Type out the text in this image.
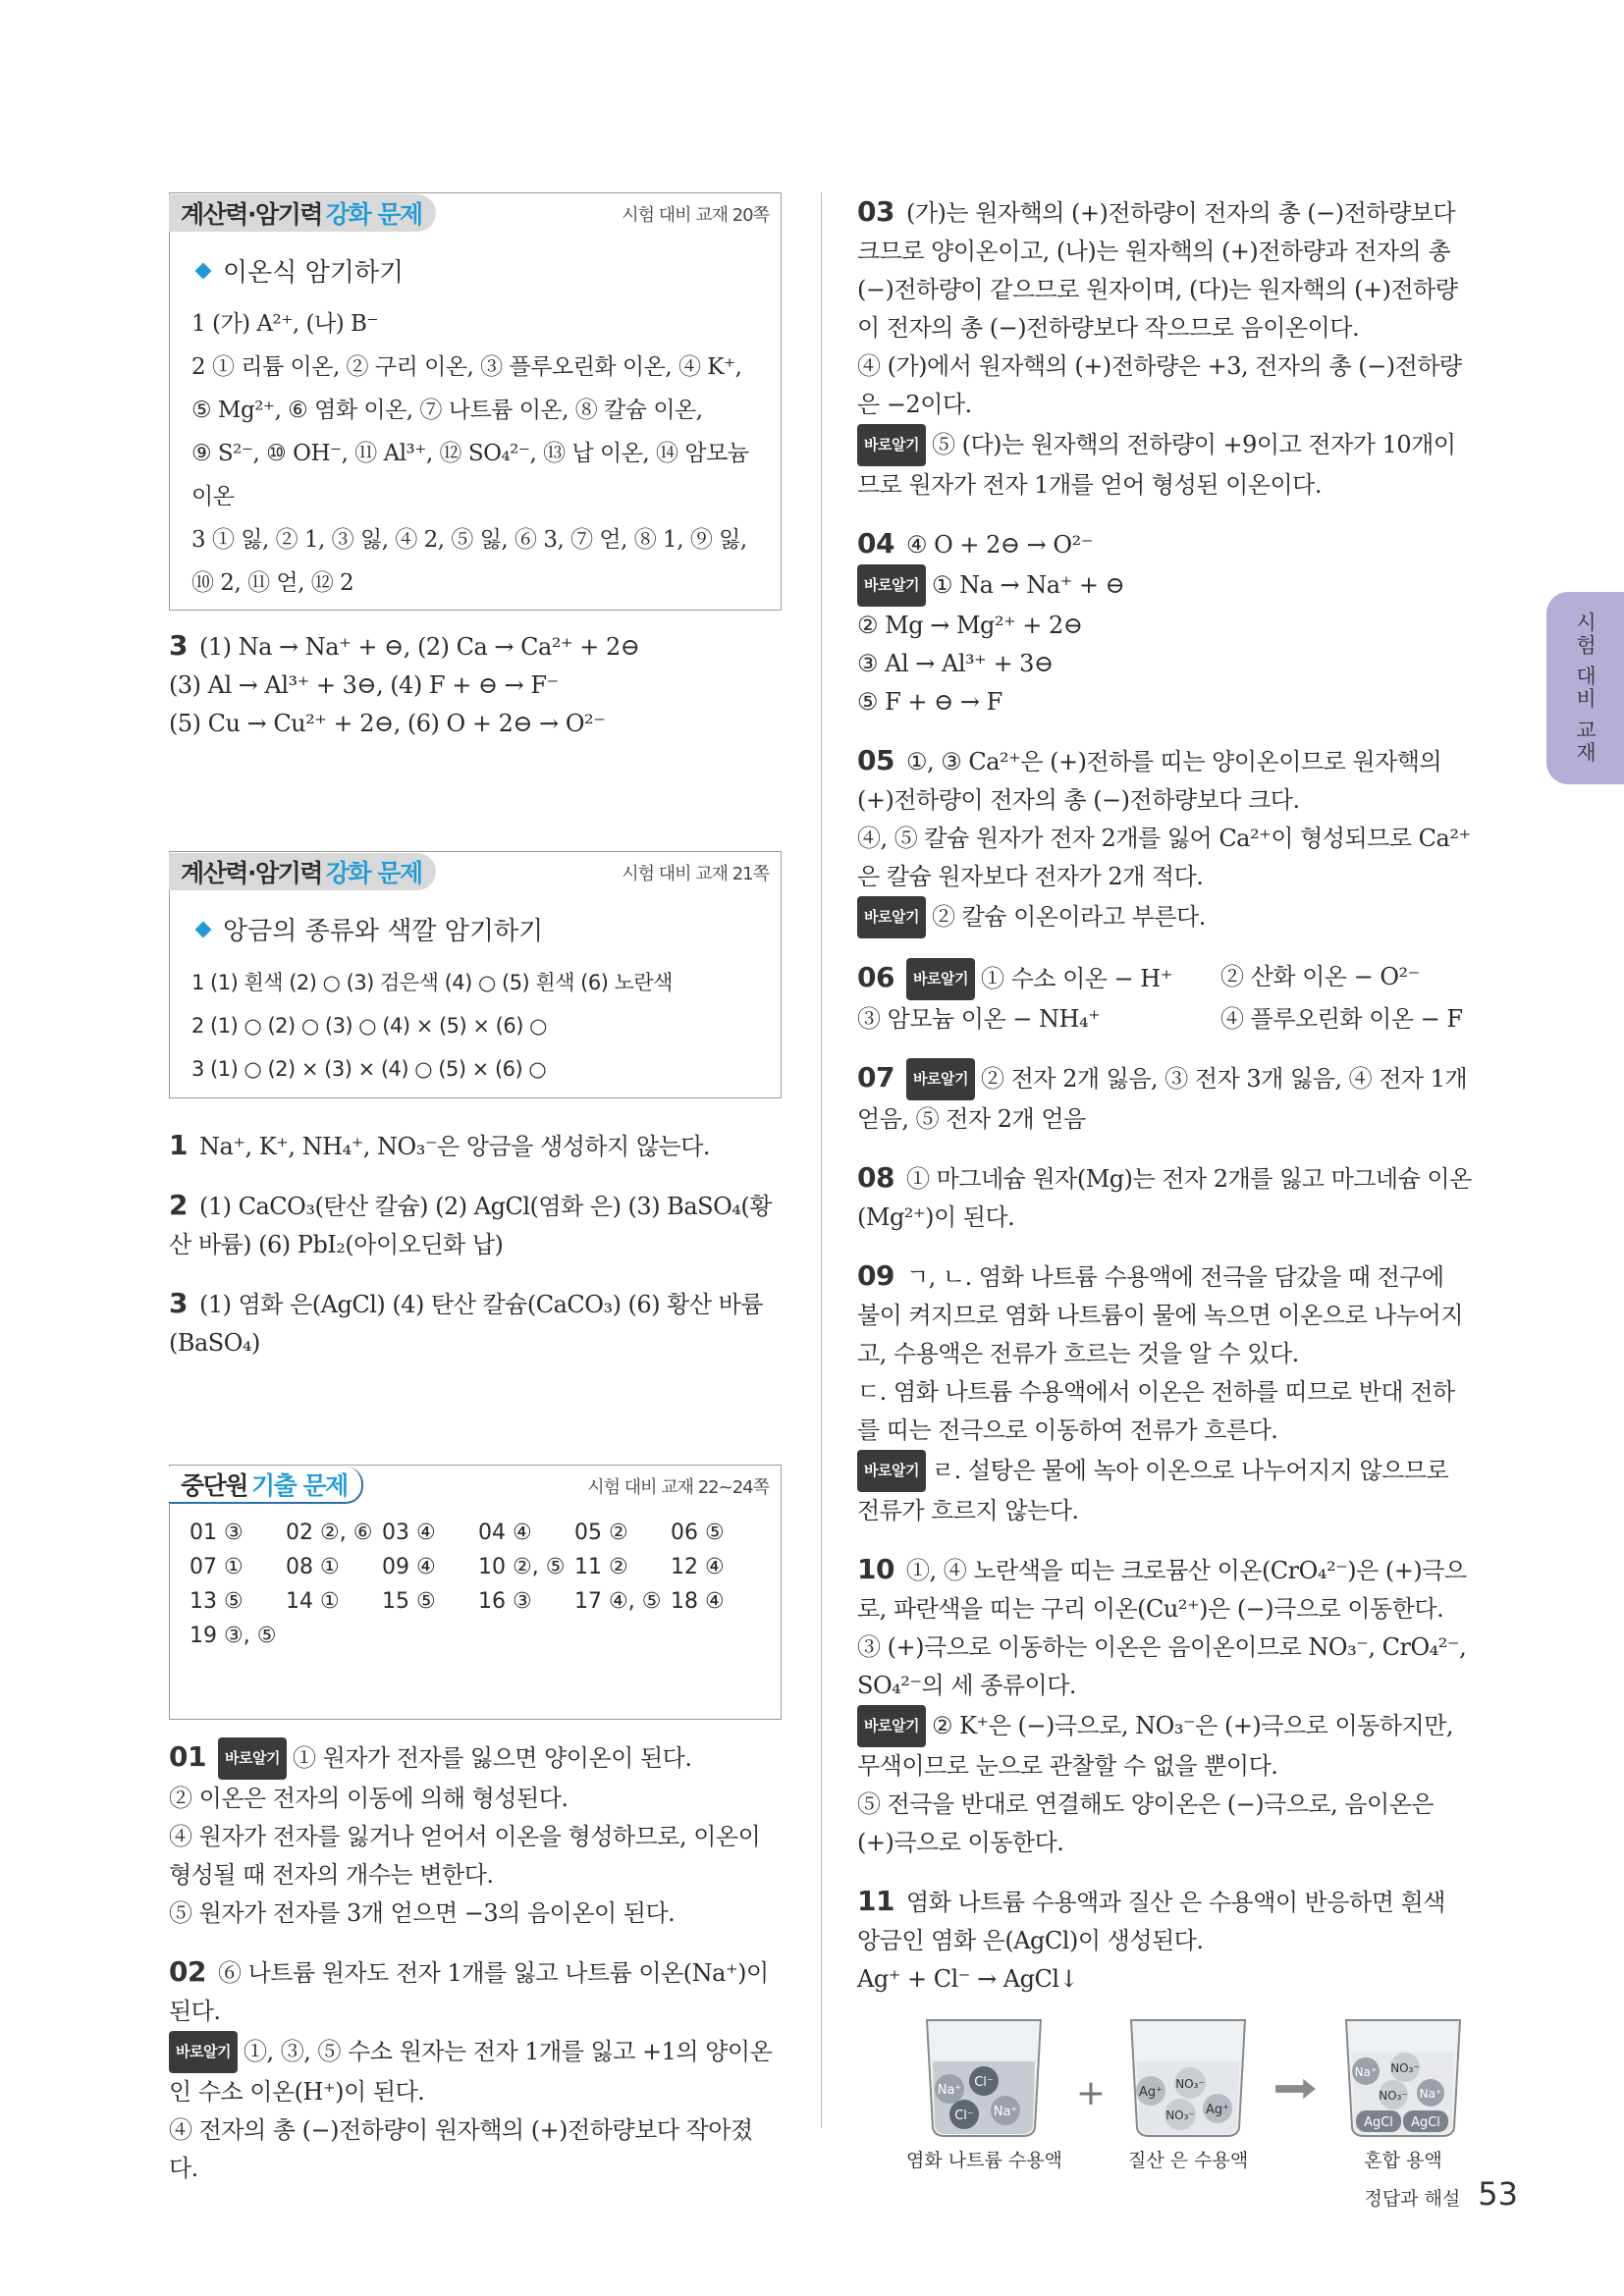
계산력·암기력 강화 문제	시험 대비 교재 20쪽
이온식 암기하기
1 (가) A²⁺, (나) B⁻
2 ① 리튬 이온, ② 구리 이온, ③ 플루오린화 이온, ④ K⁺,
⑤ Mg²⁺, ⑥ 염화 이온, ⑦ 나트륨 이온, ⑧ 칼슘 이온,
⑨ S²⁻, ⑩ OH⁻, ⑪ Al³⁺, ⑫ SO₄²⁻, ⑬ 납 이온, ⑭ 암모늄
이온
3 ① 잃, ② 1, ③ 잃, ④ 2, ⑤ 잃, ⑥ 3, ⑦ 얻, ⑧ 1, ⑨ 잃,
⑩ 2, ⑪ 얻, ⑫ 2
3 (1) Na → Na⁺ + ⊖, (2) Ca → Ca²⁺ + 2⊖
(3) Al → Al³⁺ + 3⊖, (4) F + ⊖ → F⁻
(5) Cu → Cu²⁺ + 2⊖, (6) O + 2⊖ → O²⁻
계산력·암기력 강화 문제	시험 대비 교재 21쪽
앙금의 종류와 색깔 암기하기
1 (1) 흰색 (2) ○ (3) 검은색 (4) ○ (5) 흰색 (6) 노란색
2 (1) ○ (2) ○ (3) ○ (4) × (5) × (6) ○
3 (1) ○ (2) × (3) × (4) ○ (5) × (6) ○

1 Na⁺, K⁺, NH₄⁺, NO₃⁻은 앙금을 생성하지 않는다.

2 (1) CaCO₃(탄산 칼슘) (2) AgCl(염화 은) (3) BaSO₄(황산 바륨) (6) PbI₂(아이오딘화 납)

3 (1) 염화 은(AgCl) (4) 탄산 칼슘(CaCO₃) (6) 황산 바륨 (BaSO₄)

중단원 기출 문제	시험 대비 교재 22~24쪽
01 ③	02 ②, ⑥ 03 ④	04 ④	05 ②	06 ⑤
07 ①	08 ①	09 ④	10 ②, ⑤ 11 ②	12 ④
13 ⑤	14 ①	15 ⑤	16 ③	17 ④, ⑤ 18 ④
19 ③, ⑤

01 바로알기 ① 원자가 전자를 잃으면 양이온이 된다.

② 이온은 전자의 이동에 의해 형성된다.

④ 원자가 전자를 잃거나 얻어서 이온을 형성하므로, 이온이 형성될 때 전자의 개수는 변한다.

⑤ 원자가 전자를 3개 얻으면 −3의 음이온이 된다.

02 ⑥ 나트륨 원자도 전자 1개를 잃고 나트륨 이온(Na⁺)이 된다.

바로알기 ①, ③, ⑤ 수소 원자는 전자 1개를 잃고 +1의 양이온인 수소 이온(H⁺)이 된다.

④ 전자의 총 (−)전하량이 원자핵의 (+)전하량보다 작아졌다.

03 (가)는 원자핵의 (+)전하량이 전자의 총 (−)전하량보다 크므로 양이온이고, (나)는 원자핵의 (+)전하량과 전자의 총 (−)전하량이 같으므로 원자이며, (다)는 원자핵의 (+)전하량이 전자의 총 (−)전하량보다 작으므로 음이온이다.

④ (가)에서 원자핵의 (+)전하량은 +3, 전자의 총 (−)전하량은 −2이다.

바로알기 ⑤ (다)는 원자핵의 전하량이 +9이고 전자가 10개이므로 원자가 전자 1개를 얻어 형성된 이온이다.

04 ④ O + 2⊖ → O²⁻

바로알기 ① Na → Na⁺ + ⊖

② Mg → Mg²⁺ + 2⊖

③ Al → Al³⁺ + 3⊖

⑤ F + ⊖ → F

05 ①, ③ Ca²⁺은 (+)전하를 띠는 양이온이므로 원자핵의 (+)전하량이 전자의 총 (−)전하량보다 크다.

④, ⑤ 칼슘 원자가 전자 2개를 잃어 Ca²⁺이 형성되므로 Ca²⁺은 칼슘 원자보다 전자가 2개 적다.

바로알기 ② 칼슘 이온이라고 부른다.

06 바로알기 ① 수소 이온 − H⁺	② 산화 이온 − O²⁻

③ 암모늄 이온 − NH₄⁺	④ 플루오린화 이온 − F

07 바로알기 ② 전자 2개 잃음, ③ 전자 3개 잃음, ④ 전자 1개 얻음, ⑤ 전자 2개 얻음

08 ① 마그네슘 원자(Mg)는 전자 2개를 잃고 마그네슘 이온(Mg²⁺)이 된다.

09 ㄱ, ㄴ. 염화 나트륨 수용액에 전극을 담갔을 때 전구에 불이 켜지므로 염화 나트륨이 물에 녹으면 이온으로 나누어지고, 수용액은 전류가 흐르는 것을 알 수 있다.

ㄷ. 염화 나트륨 수용액에서 이온은 전하를 띠므로 반대 전하를 띠는 전극으로 이동하여 전류가 흐른다.

바로알기 ㄹ. 설탕은 물에 녹아 이온으로 나누어지지 않으므로 전류가 흐르지 않는다.

10 ①, ④ 노란색을 띠는 크로뮴산 이온(CrO₄²⁻)은 (+)극으로, 파란색을 띠는 구리 이온(Cu²⁺)은 (−)극으로 이동한다.

③ (+)극으로 이동하는 이온은 음이온이므로 NO₃⁻, CrO₄²⁻, SO₄²⁻의 세 종류이다.

바로알기 ② K⁺은 (−)극으로, NO₃⁻은 (+)극으로 이동하지만, 무색이므로 눈으로 관찰할 수 없을 뿐이다.

⑤ 전극을 반대로 연결해도 양이온은 (−)극으로, 음이온은 (+)극으로 이동한다.

11 염화 나트륨 수용액과 질산 은 수용액이 반응하면 흰색 앙금인 염화 은(AgCl)이 생성된다.

Ag⁺ + Cl⁻ → AgCl↓

Na⁺
Cl⁻
Cl⁻ Na⁺
염화 나트륨 수용액
+	Ag⁺
NO₃⁻
NO₃⁻ Ag⁺
질산 은 수용액
Na⁺ NO₃⁻
NO₃⁻ Na⁺
AgCl AgCl
혼합 용액
시험 대비 교재
정답과 해설 53
